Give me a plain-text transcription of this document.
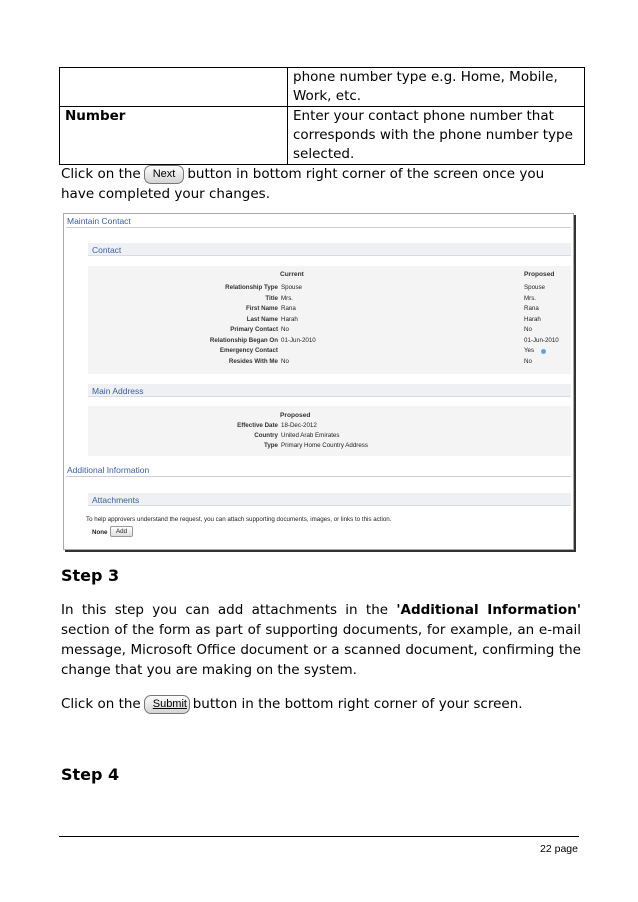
	phone number type e.g. Home, Mobile, Work, etc.
Number	Enter your contact phone number that corresponds with the phone number type selected.
Click on the Next button in bottom right corner of the screen once you have completed your changes.
Maintain Contact
Contact
Current	Proposed
Relationship Type Spouse	Spouse
Title Mrs.	Mrs.
First Name Rana	Rana
Last Name Harah	Harah
Primary Contact No	No
Relationship Began On 01-Jun-2010	01-Jun-2010
Emergency Contact	Yes
Resides With Me No	No
Main Address
Proposed
Effective Date 18-Dec-2012
Country United Arab Emirates
Type Primary Home Country Address
Additional Information
Attachments
To help approvers understand the request, you can attach supporting documents, images, or links to this action.
None	Add
Step 3
In this step you can add attachments in the 'Additional Information' section of the form as part of supporting documents, for example, an e-mail message, Microsoft Office document or a scanned document, confirming the change that you are making on the system.
Click on the Submit button in the bottom right corner of your screen.
Step 4
22 page
